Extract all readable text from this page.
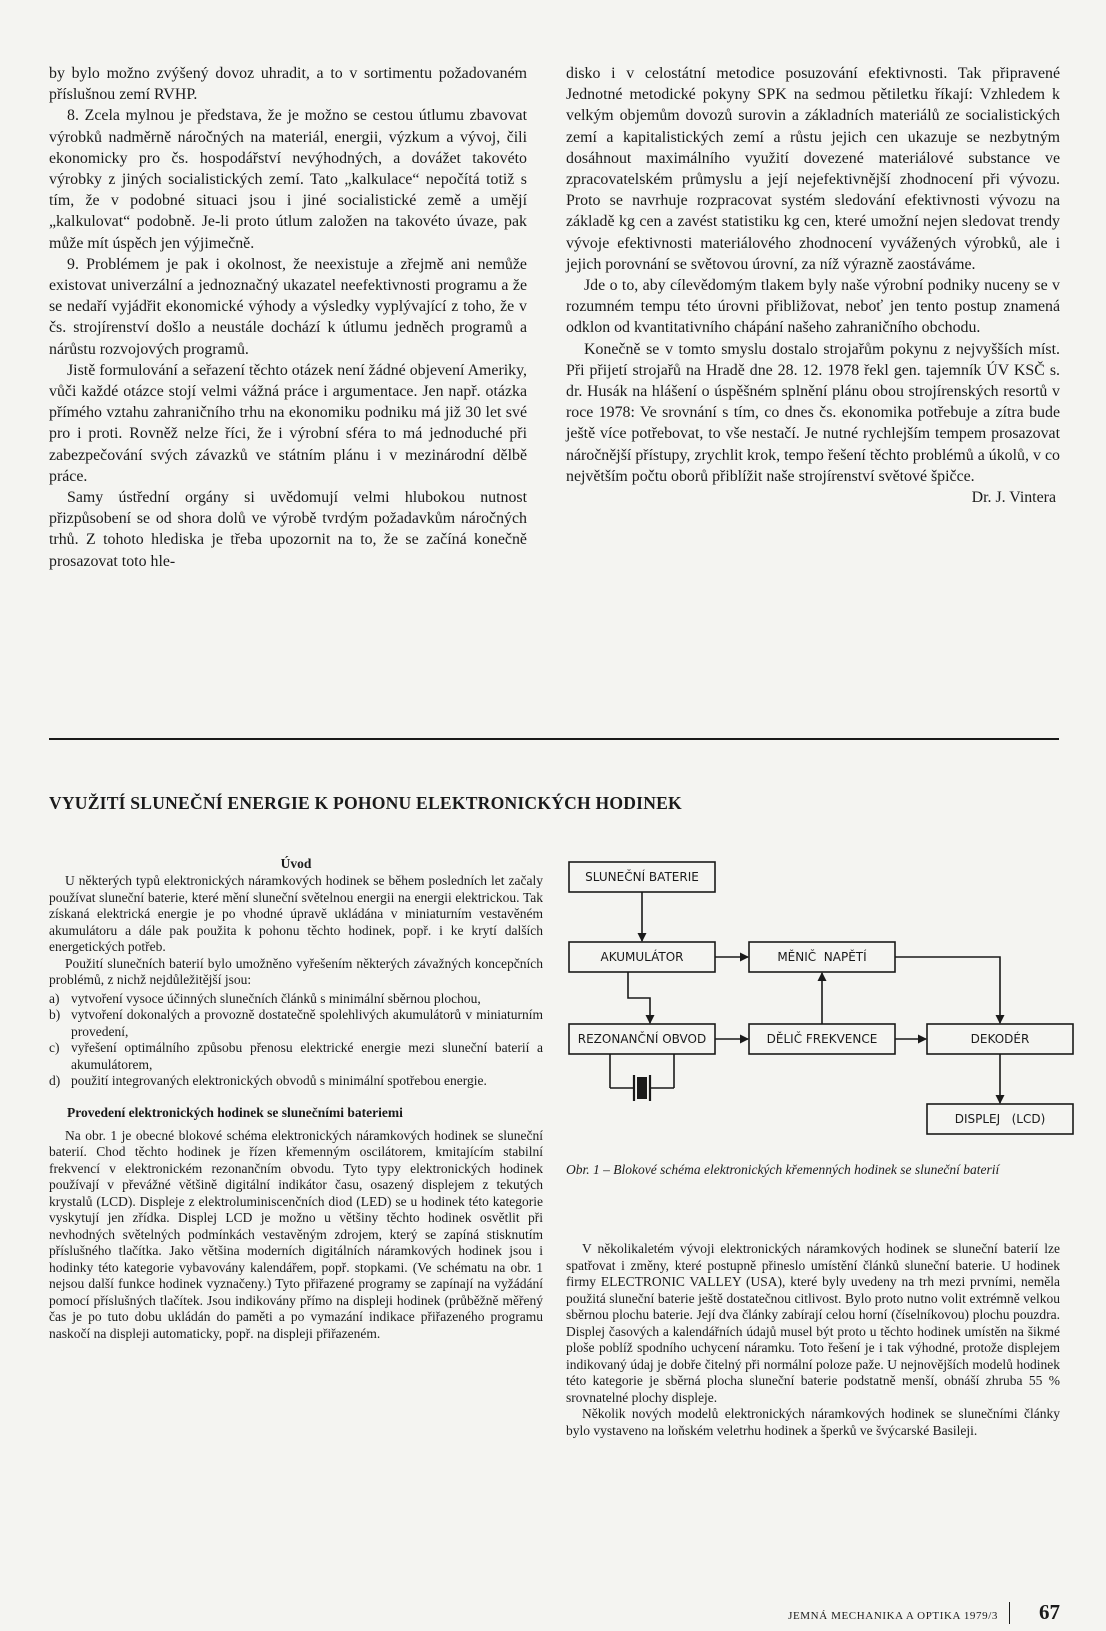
by bylo možno zvýšený dovoz uhradit, a to v sortimentu požadovaném příslušnou zemí RVHP.

8. Zcela mylnou je představa, že je možno se cestou útlumu zbavovat výrobků nadměrně náročných na materiál, energii, výzkum a vývoj, čili ekonomicky pro čs. hospodářství nevýhodných, a dovážet takovéto výrobky z jiných socialistických zemí. Tato „kalkulace“ nepočítá totiž s tím, že v podobné situaci jsou i jiné socialistické země a umějí „kalkulovat“ podobně. Je-li proto útlum založen na takovéto úvaze, pak může mít úspěch jen výjimečně.

9. Problémem je pak i okolnost, že neexistuje a zřejmě ani nemůže existovat univerzální a jednoznačný ukazatel neefektivnosti programu a že se nedaří vyjádřit ekonomické výhody a výsledky vyplývající z toho, že v čs. strojírenství došlo a neustále dochází k útlumu jedněch programů a nárůstu rozvojových programů.

Jistě formulování a seřazení těchto otázek není žádné objevení Ameriky, vůči každé otázce stojí velmi vážná práce i argumentace. Jen např. otázka přímého vztahu zahraničního trhu na ekonomiku podniku má již 30 let své pro i proti. Rovněž nelze říci, že i výrobní sféra to má jednoduché při zabezpečování svých závazků ve státním plánu i v mezinárodní dělbě práce.

Samy ústřední orgány si uvědomují velmi hlubokou nutnost přizpůsobení se od shora dolů ve výrobě tvrdým požadavkům náročných trhů. Z tohoto hlediska je třeba upozornit na to, že se začíná konečně prosazovat toto hle-

disko i v celostátní metodice posuzování efektivnosti. Tak připravené Jednotné metodické pokyny SPK na sedmou pětiletku říkají: Vzhledem k velkým objemům dovozů surovin a základních materiálů ze socialistických zemí a kapitalistických zemí a růstu jejich cen ukazuje se nezbytným dosáhnout maximálního využití dovezené materiálové substance ve zpracovatelském průmyslu a její nejefektivnější zhodnocení při vývozu. Proto se navrhuje rozpracovat systém sledování efektivnosti vývozu na základě kg cen a zavést statistiku kg cen, které umožní nejen sledovat trendy vývoje efektivnosti materiálového zhodnocení vyvážených výrobků, ale i jejich porovnání se světovou úrovní, za níž výrazně zaostáváme.

Jde o to, aby cílevědomým tlakem byly naše výrobní podniky nuceny se v rozumném tempu této úrovni přibližovat, neboť jen tento postup znamená odklon od kvantitativního chápání našeho zahraničního obchodu.

Konečně se v tomto smyslu dostalo strojařům pokynu z nejvyšších míst. Při přijetí strojařů na Hradě dne 28. 12. 1978 řekl gen. tajemník ÚV KSČ s. dr. Husák na hlášení o úspěšném splnění plánu obou strojírenských resortů v roce 1978: Ve srovnání s tím, co dnes čs. ekonomika potřebuje a zítra bude ještě více potřebovat, to vše nestačí. Je nutné rychlejším tempem prosazovat náročnější přístupy, zrychlit krok, tempo řešení těchto problémů a úkolů, v co největším počtu oborů přiblížit naše strojírenství světové špičce.

Dr. J. Vintera

VYUŽITÍ SLUNEČNÍ ENERGIE K POHONU ELEKTRONICKÝCH HODINEK
Úvod

U některých typů elektronických náramkových hodinek se během posledních let začaly používat sluneční baterie, které mění sluneční světelnou energii na energii elektrickou. Tak získaná elektrická energie je po vhodné úpravě ukládána v miniaturním vestavěném akumulátoru a dále pak použita k pohonu těchto hodinek, popř. i ke krytí dalších energetických potřeb.

Použití slunečních baterií bylo umožněno vyřešením některých závažných koncepčních problémů, z nichž nejdůležitější jsou:

a) vytvoření vysoce účinných slunečních článků s minimální sběrnou plochou,
b) vytvoření dokonalých a provozně dostatečně spolehlivých akumulátorů v miniaturním provedení,
c) vyřešení optimálního způsobu přenosu elektrické energie mezi sluneční baterií a akumulátorem,
d) použití integrovaných elektronických obvodů s minimální spotřebou energie.
Provedení elektronických hodinek se slunečními bateriemi

Na obr. 1 je obecné blokové schéma elektronických náramkových hodinek se sluneční baterií. Chod těchto hodinek je řízen křemenným oscilátorem, kmitajícím stabilní frekvencí v elektronickém rezonančním obvodu. Tyto typy elektronických hodinek používají v převážné většině digitální indikátor času, osazený displejem z tekutých krystalů (LCD). Displeje z elektroluminiscenčních diod (LED) se u hodinek této kategorie vyskytují jen zřídka. Displej LCD je možno u většiny těchto hodinek osvětlit při nevhodných světelných podmínkách vestavěným zdrojem, který se zapíná stisknutím příslušného tlačítka. Jako většina moderních digitálních náramkových hodinek jsou i hodinky této kategorie vybavovány kalendářem, popř. stopkami. (Ve schématu na obr. 1 nejsou další funkce hodinek vyznačeny.) Tyto přiřazené programy se zapínají na vyžádání pomocí příslušných tlačítek. Jsou indikovány přímo na displeji hodinek (průběžně měřený čas je po tuto dobu ukládán do paměti a po vymazání indikace přiřazeného programu naskočí na displeji automaticky, popř. na displeji přiřazeném.

SLUNEČNÍ BATERIE
AKUMULÁTOR	MĚNIČ  NAPĚTÍ
REZONANČNÍ OBVOD	DĚLIČ FREKVENCE	DEKODÉR
DISPLEJ   (LCD)
Obr. 1 – Blokové schéma elektronických křemenných hodinek se sluneční baterií

V několikaletém vývoji elektronických náramkových hodinek se sluneční baterií lze spatřovat i změny, které postupně přineslo umístění článků sluneční baterie. U hodinek firmy ELECTRONIC VALLEY (USA), které byly uvedeny na trh mezi prvními, neměla použitá sluneční baterie ještě dostatečnou citlivost. Bylo proto nutno volit extrémně velkou sběrnou plochu baterie. Její dva články zabírají celou horní (číselníkovou) plochu pouzdra. Displej časových a kalendářních údajů musel být proto u těchto hodinek umístěn na šikmé ploše poblíž spodního uchycení náramku. Toto řešení je i tak výhodné, protože displejem indikovaný údaj je dobře čitelný při normální poloze paže. U nejnovějších modelů hodinek této kategorie je sběrná plocha sluneční baterie podstatně menší, obnáší zhruba 55 % srovnatelné plochy displeje.

Několik nových modelů elektronických náramkových hodinek se slunečními články bylo vystaveno na loňském veletrhu hodinek a šperků ve švýcarské Basileji.

JEMNÁ MECHANIKA A OPTIKA 1979/3 67
